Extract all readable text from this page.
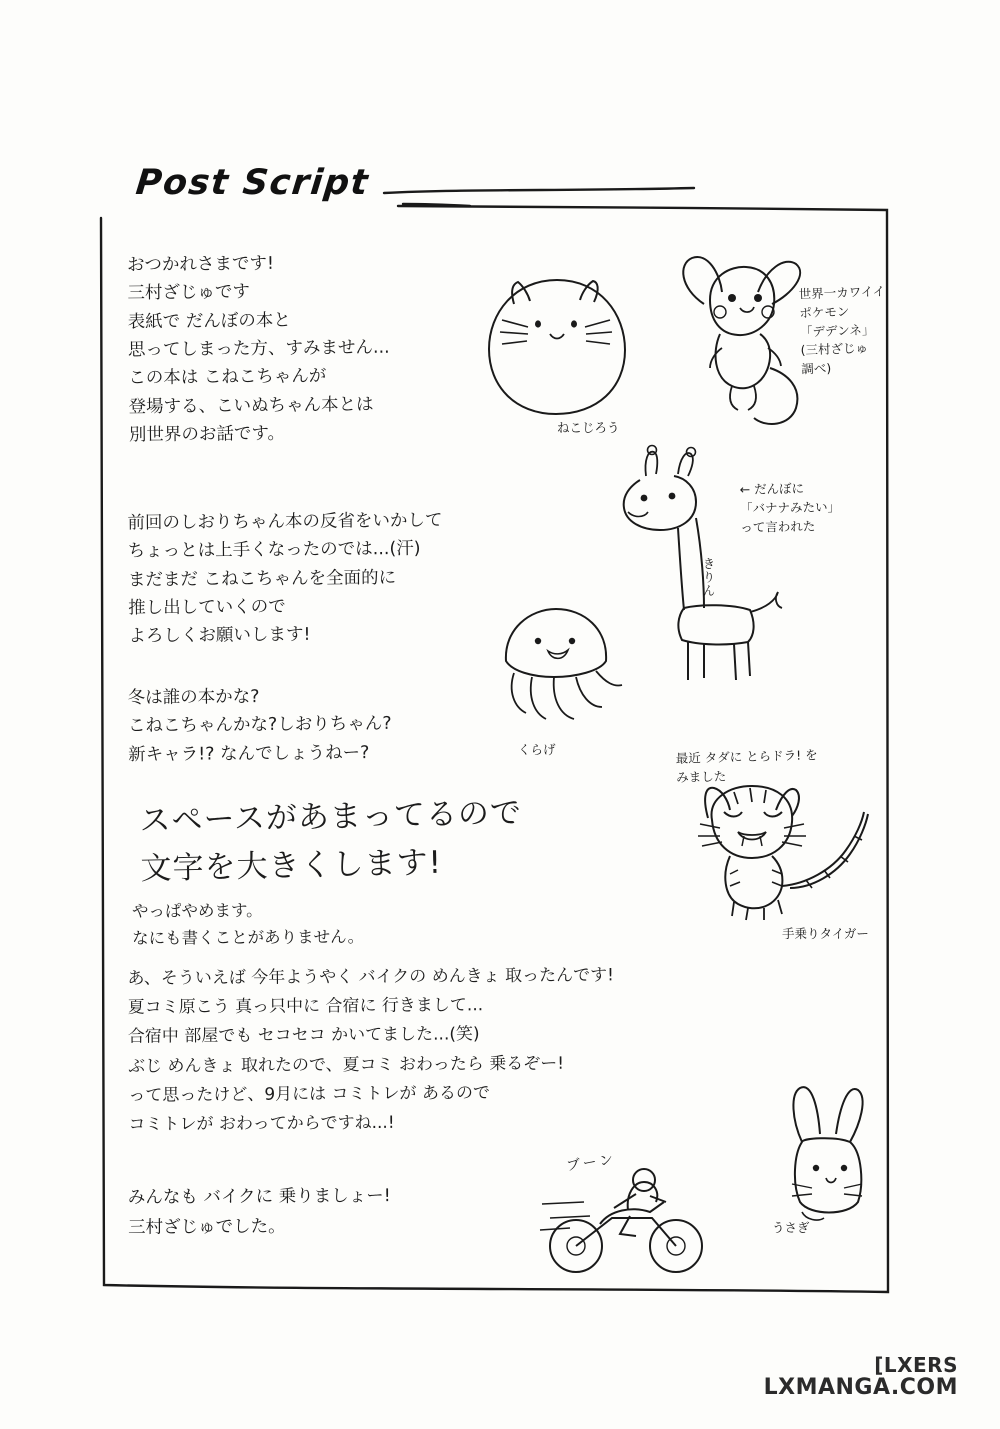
Post Script
おつかれさまです!
三村ざじゅです
表紙で だんぼの本と
思ってしまった方、すみません...
この本は こねこちゃんが
登場する、こいぬちゃん本とは
別世界のお話です。
前回のしおりちゃん本の反省をいかして
ちょっとは上手くなったのでは...(汗)
まだまだ こねこちゃんを全面的に
推し出していくので
よろしくお願いします!
冬は誰の本かな?
こねこちゃんかな?しおりちゃん?
新キャラ!? なんでしょうねー?
スペースがあまってるので
文字を大きくします!
やっぱやめます。
なにも書くことがありません。
あ、そういえば 今年ようやく バイクの めんきょ 取ったんです!
夏コミ原こう 真っ只中に 合宿に 行きまして...
合宿中 部屋でも セコセコ かいてました...(笑)
ぶじ めんきょ 取れたので、夏コミ おわったら 乗るぞー!
って思ったけど、9月には コミトレが あるので
コミトレが おわってからですね...!
みんなも バイクに 乗りましょー!
三村ざじゅでした。
ねこじろう
世界一カワイイ
ポケモン
「デデンネ」
(三村ざじゅ
調べ)
きりん
← だんぼに
「バナナみたい」
って言われた
くらげ	最近 タダに とらドラ! を
みました
手乗りタイガー
ブーン
うさぎ
[LXERS
LXMANGA.COM
